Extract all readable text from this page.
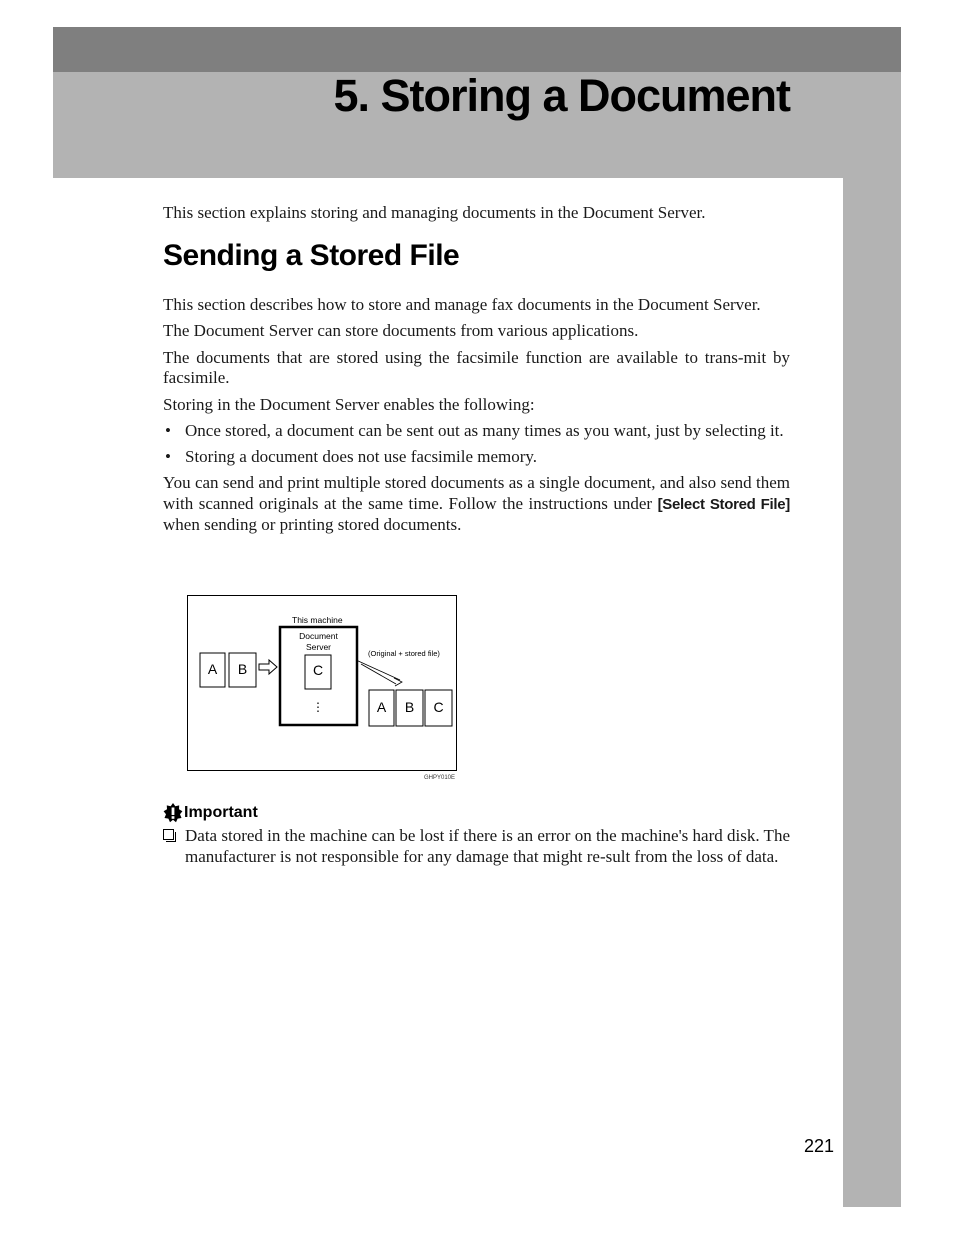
5. Storing a Document

This section explains storing and managing documents in the Document Server.

Sending a Stored File

This section describes how to store and manage fax documents in the Document Server.

The Document Server can store documents from various applications.

The documents that are stored using the facsimile function are available to trans-mit by facsimile.

Storing in the Document Server enables the following:

• Once stored, a document can be sent out as many times as you want, just by selecting it.
• Storing a document does not use facsimile memory.

You can send and print multiple stored documents as a single document, and also send them with scanned originals at the same time. Follow the instructions under [Select Stored File] when sending or printing stored documents.

This machine
Document
Server
C
⋮
A B
(Original + stored file)
A B C
GHPY010E
Important

Data stored in the machine can be lost if there is an error on the machine's hard disk. The manufacturer is not responsible for any damage that might re-sult from the loss of data.

221
